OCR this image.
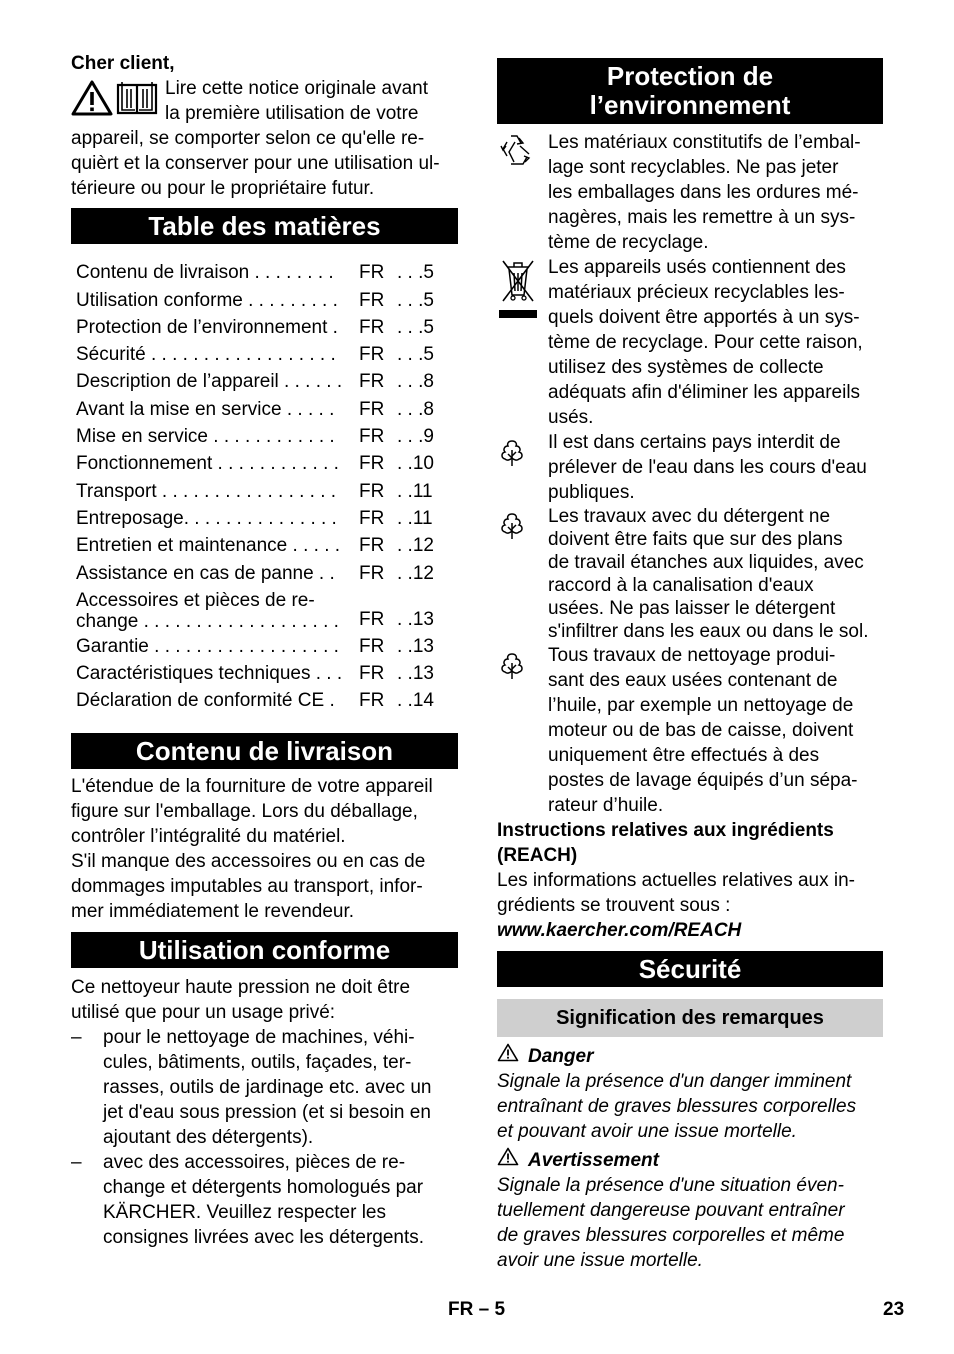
Cher client,

Lire cette notice originale avant

la première utilisation de votre

appareil, se comporter selon ce qu'elle re-

quièrt et la conserver pour une utilisation ul-

térieure ou pour le propriétaire futur.

Table des matières
Contenu de livraison . . . . . . . .	FR . . .5
Utilisation conforme . . . . . . . . .	FR . . .5
Protection de l’environnement .	FR . . .5
Sécurité . . . . . . . . . . . . . . . . . .	FR . . .5
Description de l’appareil . . . . . . FR . . .8
Avant la mise en service . . . . .	FR . . .8
Mise en service . . . . . . . . . . . .	FR . . .9
Fonctionnement . . . . . . . . . . . .	FR . .10
Transport . . . . . . . . . . . . . . . . .	FR . .11
Entreposage. . . . . . . . . . . . . . .	FR . .11
Entretien et maintenance . . . . . FR . .12
Assistance en cas de panne . .	FR . .12
Accessoires et pièces de re- change . . . . . . . . . . . . . . . . . . .	FR . .13
Garantie . . . . . . . . . . . . . . . . . .	FR . .13
Caractéristiques techniques . . . FR . .13
Déclaration de conformité CE .	FR . .14
Contenu de livraison

L'étendue de la fourniture de votre appareil

figure sur l'emballage. Lors du déballage,

contrôler l’intégralité du matériel.

S'il manque des accessoires ou en cas de

dommages imputables au transport, infor-

mer immédiatement le revendeur.

Utilisation conforme

Ce nettoyeur haute pression ne doit être

utilisé que pour un usage privé:

– pour le nettoyage de machines, véhi-

cules, bâtiments, outils, façades, ter-

rasses, outils de jardinage etc. avec un

jet d'eau sous pression (et si besoin en

ajoutant des détergents).

– avec des accessoires, pièces de re-

change et détergents homologués par

KÄRCHER. Veuillez respecter les

consignes livrées avec les détergents.

Protection de
l’environnement

Les matériaux constitutifs de l’embal-

lage sont recyclables. Ne pas jeter

les emballages dans les ordures mé-

nagères, mais les remettre à un sys-

tème de recyclage.

Les appareils usés contiennent des

matériaux précieux recyclables les-

quels doivent être apportés à un sys-

tème de recyclage. Pour cette raison,

utilisez des systèmes de collecte

adéquats afin d'éliminer les appareils

usés.

Il est dans certains pays interdit de

prélever de l'eau dans les cours d'eau

publiques.

Les travaux avec du détergent ne

doivent être faits que sur des plans

de travail étanches aux liquides, avec

raccord à la canalisation d'eaux

usées. Ne pas laisser le détergent

s'infiltrer dans les eaux ou dans le sol.

Tous travaux de nettoyage produi-

sant des eaux usées contenant de

l’huile, par exemple un nettoyage de

moteur ou de bas de caisse, doivent

uniquement être effectués à des

postes de lavage équipés d’un sépa-

rateur d’huile.

Instructions relatives aux ingrédients

(REACH)

Les informations actuelles relatives aux in-

grédients se trouvent sous :

www.kaercher.com/REACH

Sécurité
Signification des remarques

Danger

Signale la présence d'un danger imminent

entraînant de graves blessures corporelles

et pouvant avoir une issue mortelle.

Avertissement

Signale la présence d'une situation éven-

tuellement dangereuse pouvant entraîner

de graves blessures corporelles et même

avoir une issue mortelle.

FR – 5	23
